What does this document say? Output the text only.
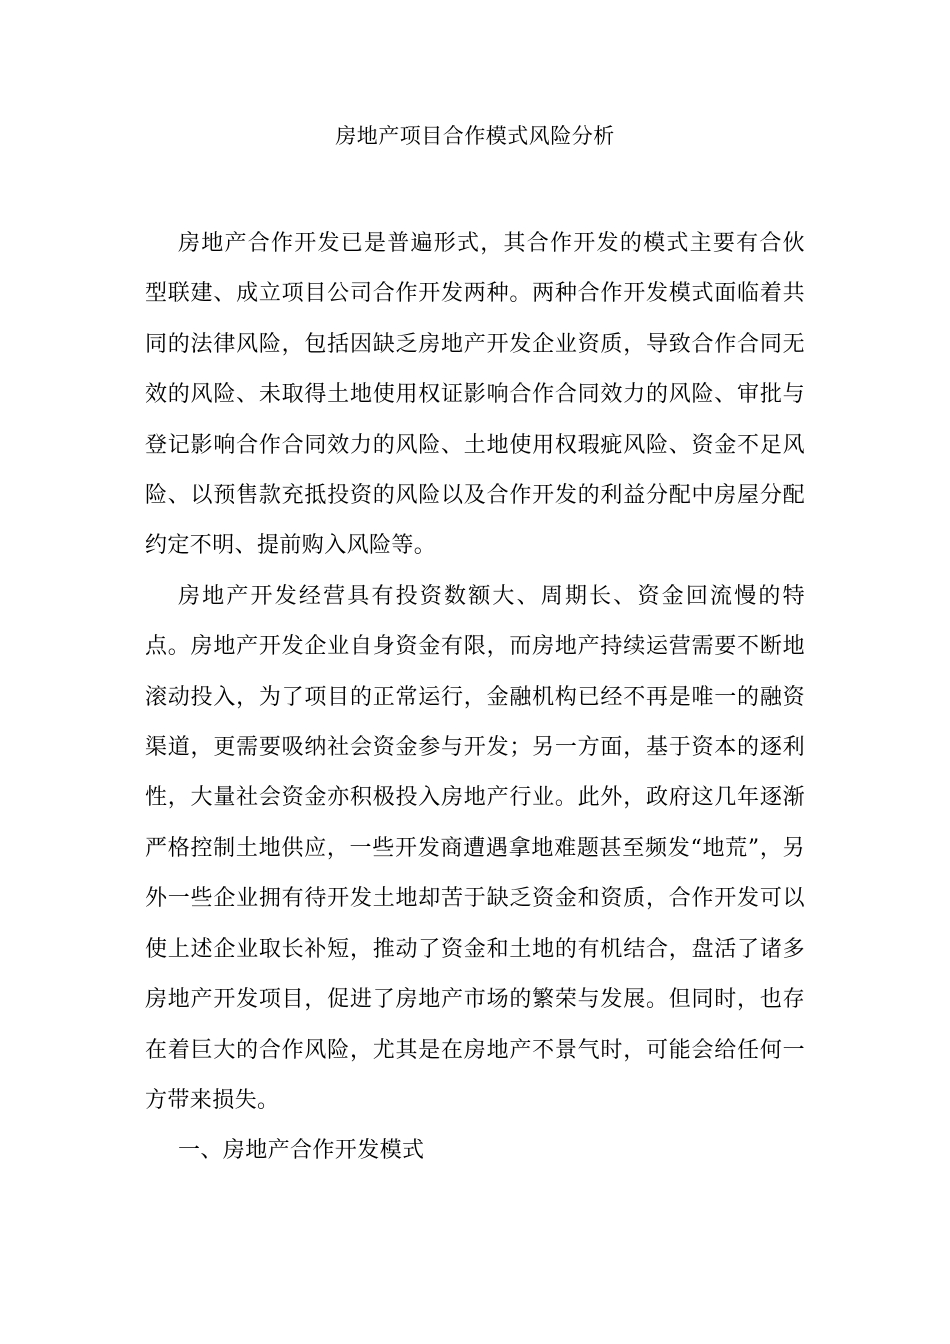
房地产项目合作模式风险分析

房地产合作开发已是普遍形式，其合作开发的模式主要有合伙型联建、成立项目公司合作开发两种。两种合作开发模式面临着共同的法律风险，包括因缺乏房地产开发企业资质，导致合作合同无效的风险、未取得土地使用权证影响合作合同效力的风险、审批与登记影响合作合同效力的风险、土地使用权瑕疵风险、资金不足风险、以预售款充抵投资的风险以及合作开发的利益分配中房屋分配约定不明、提前购入风险等。

房地产开发经营具有投资数额大、周期长、资金回流慢的特点。房地产开发企业自身资金有限，而房地产持续运营需要不断地滚动投入，为了项目的正常运行，金融机构已经不再是唯一的融资渠道，更需要吸纳社会资金参与开发；另一方面，基于资本的逐利性，大量社会资金亦积极投入房地产行业。此外，政府这几年逐渐严格控制土地供应，一些开发商遭遇拿地难题甚至频发“地荒”，另外一些企业拥有待开发土地却苦于缺乏资金和资质，合作开发可以使上述企业取长补短，推动了资金和土地的有机结合，盘活了诸多房地产开发项目，促进了房地产市场的繁荣与发展。但同时，也存在着巨大的合作风险，尤其是在房地产不景气时，可能会给任何一方带来损失。

一、房地产合作开发模式
